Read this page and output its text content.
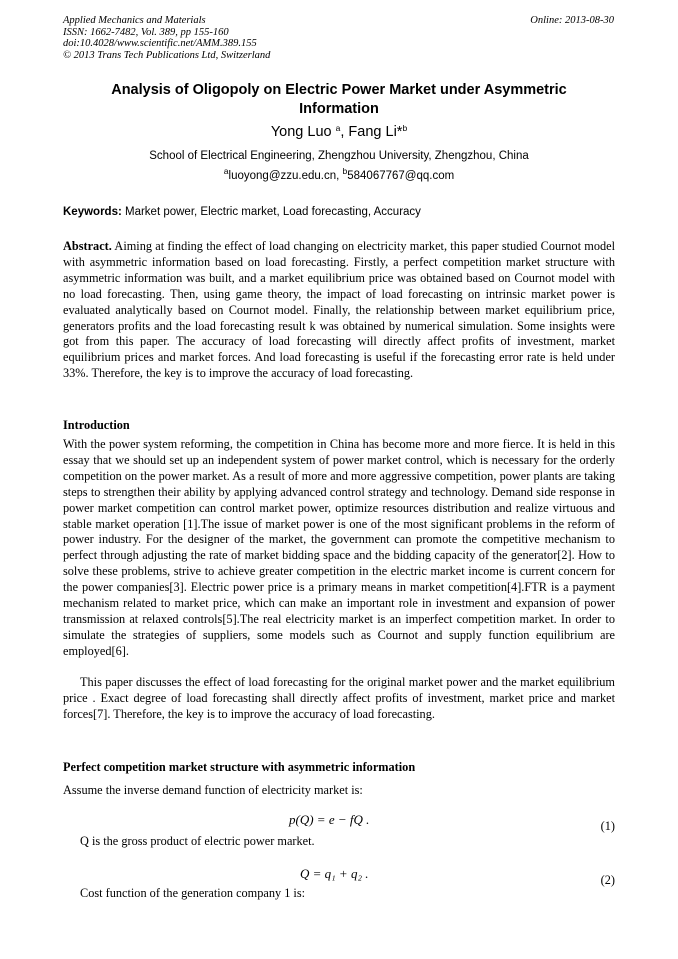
Applied Mechanics and Materials
ISSN: 1662-7482, Vol. 389, pp 155-160
doi:10.4028/www.scientific.net/AMM.389.155
© 2013 Trans Tech Publications Ltd, Switzerland
Online: 2013-08-30
Analysis of Oligopoly on Electric Power Market under Asymmetric
Information
Yong Luo $^a$, Fang Li*$^b$
School of Electrical Engineering, Zhengzhou University, Zhengzhou, China
$^a$luoyong@zzu.edu.cn, $^b$584067767@qq.com
Keywords: Market power, Electric market, Load forecasting, Accuracy
Abstract. Aiming at finding the effect of load changing on electricity market, this paper studied Cournot model with asymmetric information based on load forecasting. Firstly, a perfect competition market structure with asymmetric information was built, and a market equilibrium price was obtained based on Cournot model with no load forecasting. Then, using game theory, the impact of load forecasting on intrinsic market power is evaluated analytically based on Cournot model. Finally, the relationship between market equilibrium price, generators profits and the load forecasting result k was obtained by numerical simulation. Some insights were got from this paper. The accuracy of load forecasting will directly affect profits of investment, market equilibrium prices and market forces. And load forecasting is useful if the forecasting error rate is held under 33%. Therefore, the key is to improve the accuracy of load forecasting.
Introduction
With the power system reforming, the competition in China has become more and more fierce. It is held in this essay that we should set up an independent system of power market control, which is necessary for the orderly competition on the power market. As a result of more and more aggressive competition, power plants are taking steps to strengthen their ability by applying advanced control strategy and technology. Demand side response in power market competition can control market power, optimize resources distribution and realize virtuous and stable market operation [1].The issue of market power is one of the most significant problems in the reform of power industry. For the designer of the market, the government can promote the competitive mechanism to perfect through adjusting the rate of market bidding space and the bidding capacity of the generator[2]. How to solve these problems, strive to achieve greater competition in the electric market income is current concern for the power companies[3]. Electric power price is a primary means in market competition[4].FTR is a payment mechanism related to market price, which can make an important role in investment and expansion of power transmission at relaxed controls[5].The real electricity market is an imperfect competition market. In order to simulate the strategies of suppliers, some models such as Cournot and supply function equilibrium are employed[6].
This paper discusses the effect of load forecasting for the original market power and the market equilibrium price . Exact degree of load forecasting shall directly affect profits of investment, market price and market forces[7]. Therefore, the key is to improve the accuracy of load forecasting.
Perfect competition market structure with asymmetric information
Assume the inverse demand function of electricity market is:
p(Q) = e − fQ .	(1)
Q is the gross product of electric power market.
Q = q₁ + q₂ .	(2)
Cost function of the generation company 1 is:
